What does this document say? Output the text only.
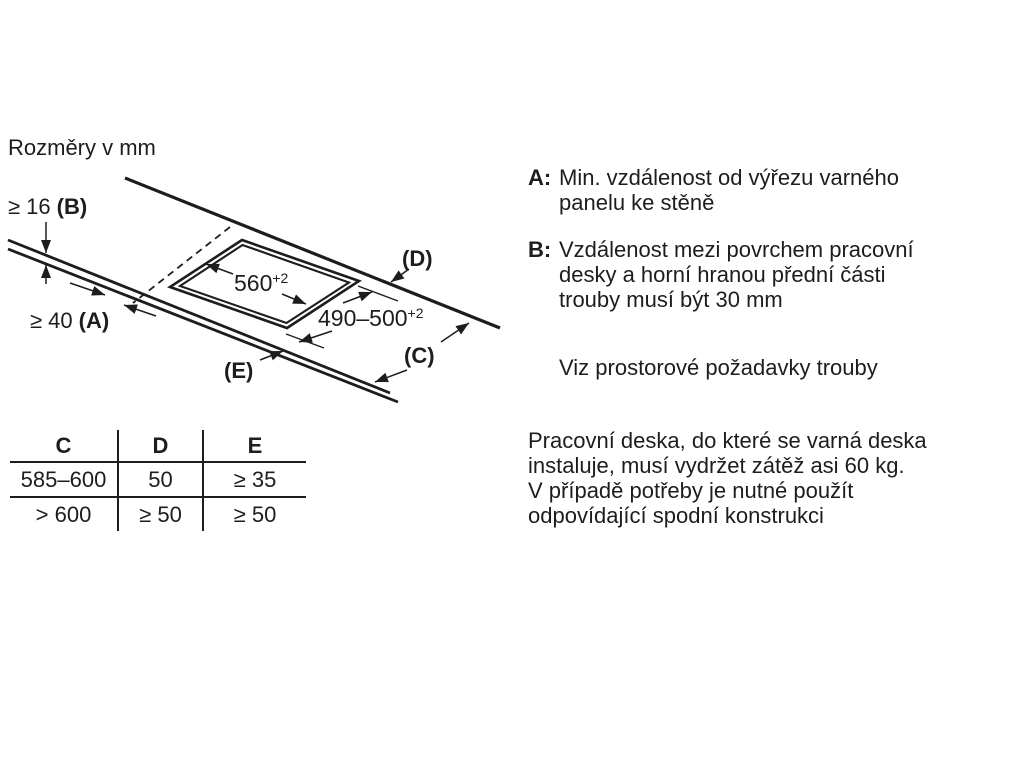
Rozměry v mm
≥ 16 (B)
≥ 40 (A)
$560^{+2}$
$490-500^{+2}$
(D)
(C)
(E)
C	D	E
585–600	50	≥ 35
> 600	≥ 50	≥ 50
A: Min. vzdálenost od výřezu varného
panelu ke stěně
B: Vzdálenost mezi povrchem pracovní
desky a horní hranou přední části
trouby musí být 30 mm
Viz prostorové požadavky trouby
Pracovní deska, do které se varná deska
instaluje, musí vydržet zátěž asi 60 kg.
V případě potřeby je nutné použít
odpovídající spodní konstrukci
